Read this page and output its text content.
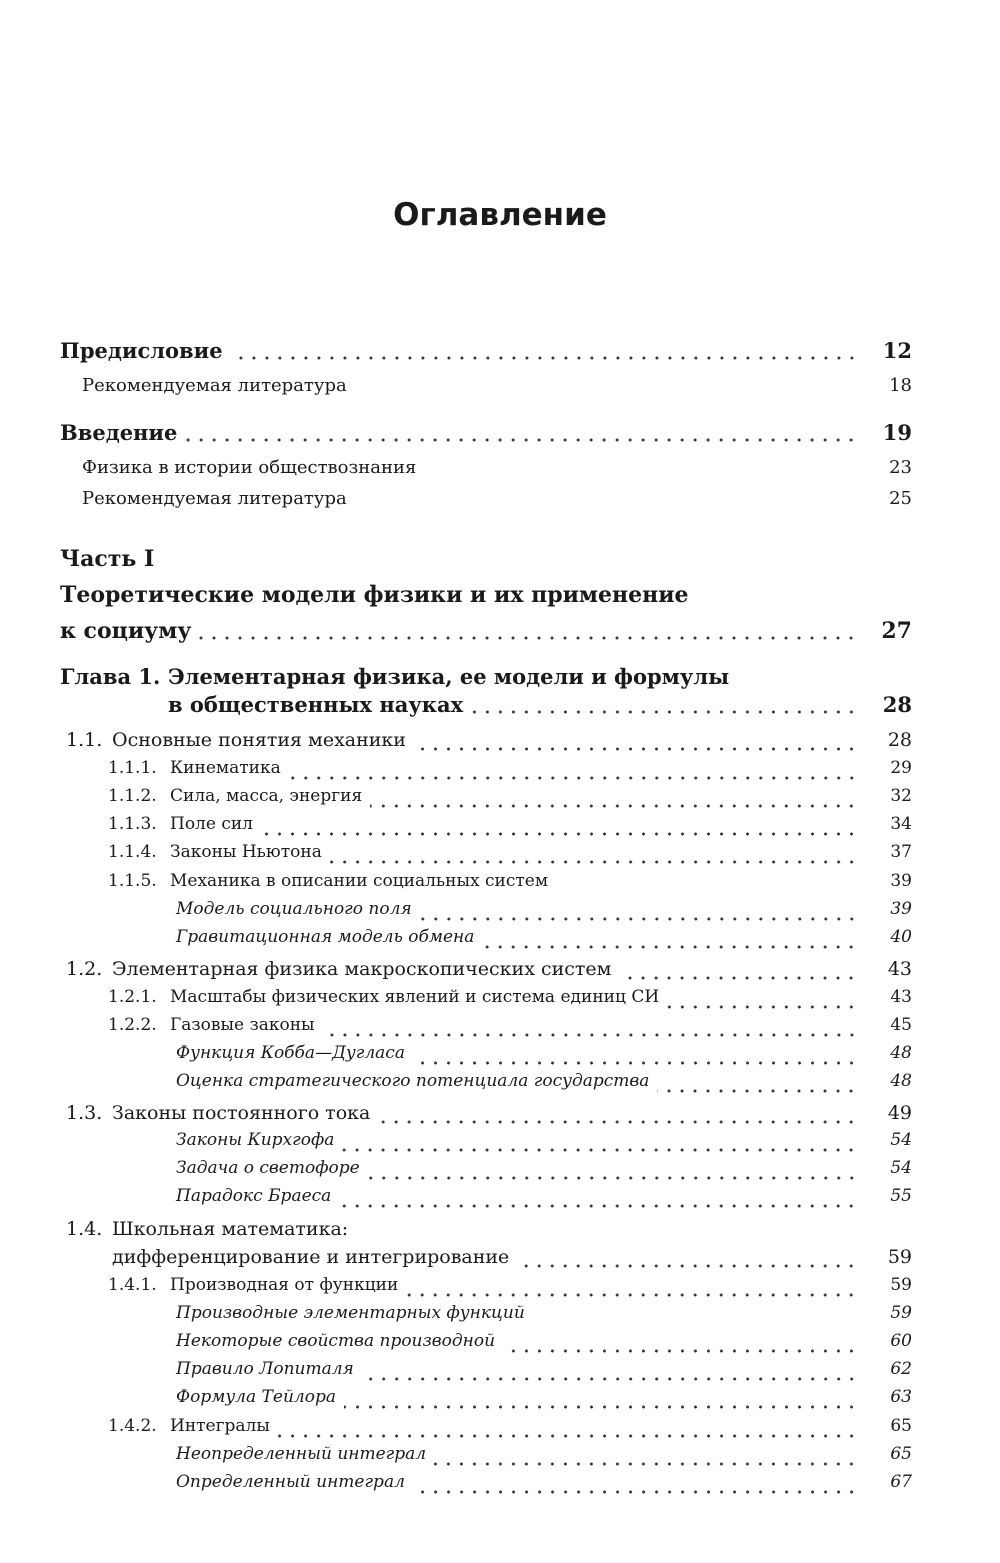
Оглавление
Предисловие	12
Рекомендуемая литература	18
Введение	19
Физика в истории обществознания	23
Рекомендуемая литература	25
Часть I
Теоретические модели физики и их применение
к социуму	27
Глава 1. Элементарная физика, ее модели и формулы
в общественных науках	28
1.1. Основные понятия механики	28
1.1.1. Кинематика	29
1.1.2. Сила, масса, энергия	32
1.1.3. Поле сил	34
1.1.4. Законы Ньютона	37
1.1.5. Механика в описании социальных систем	39
Модель социального поля	39
Гравитационная модель обмена	40
1.2. Элементарная физика макроскопических систем	43
1.2.1. Масштабы физических явлений и система единиц СИ	43
1.2.2. Газовые законы	45
Функция Кобба—Дугласа	48
Оценка стратегического потенциала государства	48
1.3. Законы постоянного тока	49
Законы Кирхгофа	54
Задача о светофоре	54
Парадокс Браеса	55
1.4. Школьная математика:
дифференцирование и интегрирование	59
1.4.1. Производная от функции	59
Производные элементарных функций	59
Некоторые свойства производной	60
Правило Лопиталя	62
Формула Тейлора	63
1.4.2. Интегралы	65
Неопределенный интеграл	65
Определенный интеграл	67
